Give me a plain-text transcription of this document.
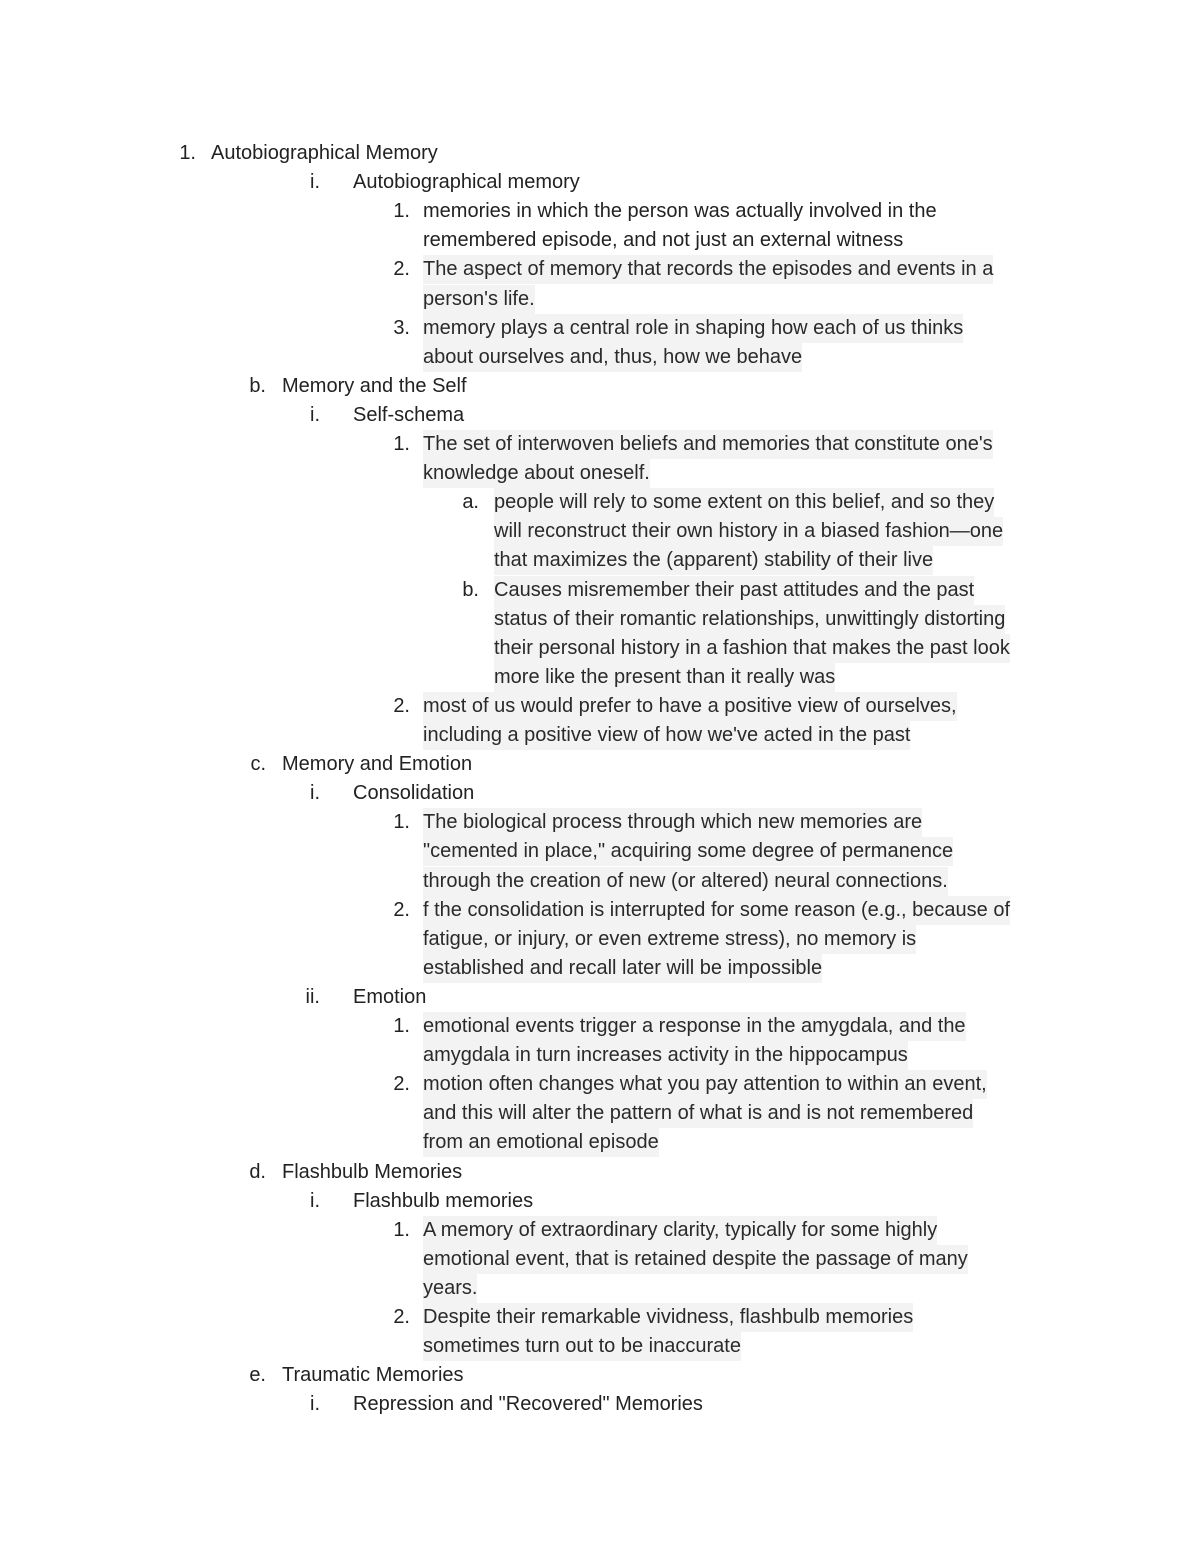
1. Autobiographical Memory
i. Autobiographical memory
1. memories in which the person was actually involved in the
remembered episode, and not just an external witness
2. The aspect of memory that records the episodes and events in a
person's life.
3. memory plays a central role in shaping how each of us thinks
about ourselves and, thus, how we behave
b. Memory and the Self
i. Self-schema
1. The set of interwoven beliefs and memories that constitute one's
knowledge about oneself.
a. people will rely to some extent on this belief, and so they
will reconstruct their own history in a biased fashion—one
that maximizes the (apparent) stability of their live
b. Causes misremember their past attitudes and the past
status of their romantic relationships, unwittingly distorting
their personal history in a fashion that makes the past look
more like the present than it really was
2. most of us would prefer to have a positive view of ourselves,
including a positive view of how we've acted in the past
c. Memory and Emotion
i. Consolidation
1. The biological process through which new memories are
"cemented in place," acquiring some degree of permanence
through the creation of new (or altered) neural connections.
2. f the consolidation is interrupted for some reason (e.g., because of
fatigue, or injury, or even extreme stress), no memory is
established and recall later will be impossible
ii. Emotion
1. emotional events trigger a response in the amygdala, and the
amygdala in turn increases activity in the hippocampus
2. motion often changes what you pay attention to within an event,
and this will alter the pattern of what is and is not remembered
from an emotional episode
d. Flashbulb Memories
i. Flashbulb memories
1. A memory of extraordinary clarity, typically for some highly
emotional event, that is retained despite the passage of many
years.
2. Despite their remarkable vividness, flashbulb memories
sometimes turn out to be inaccurate
e. Traumatic Memories
i. Repression and "Recovered" Memories
